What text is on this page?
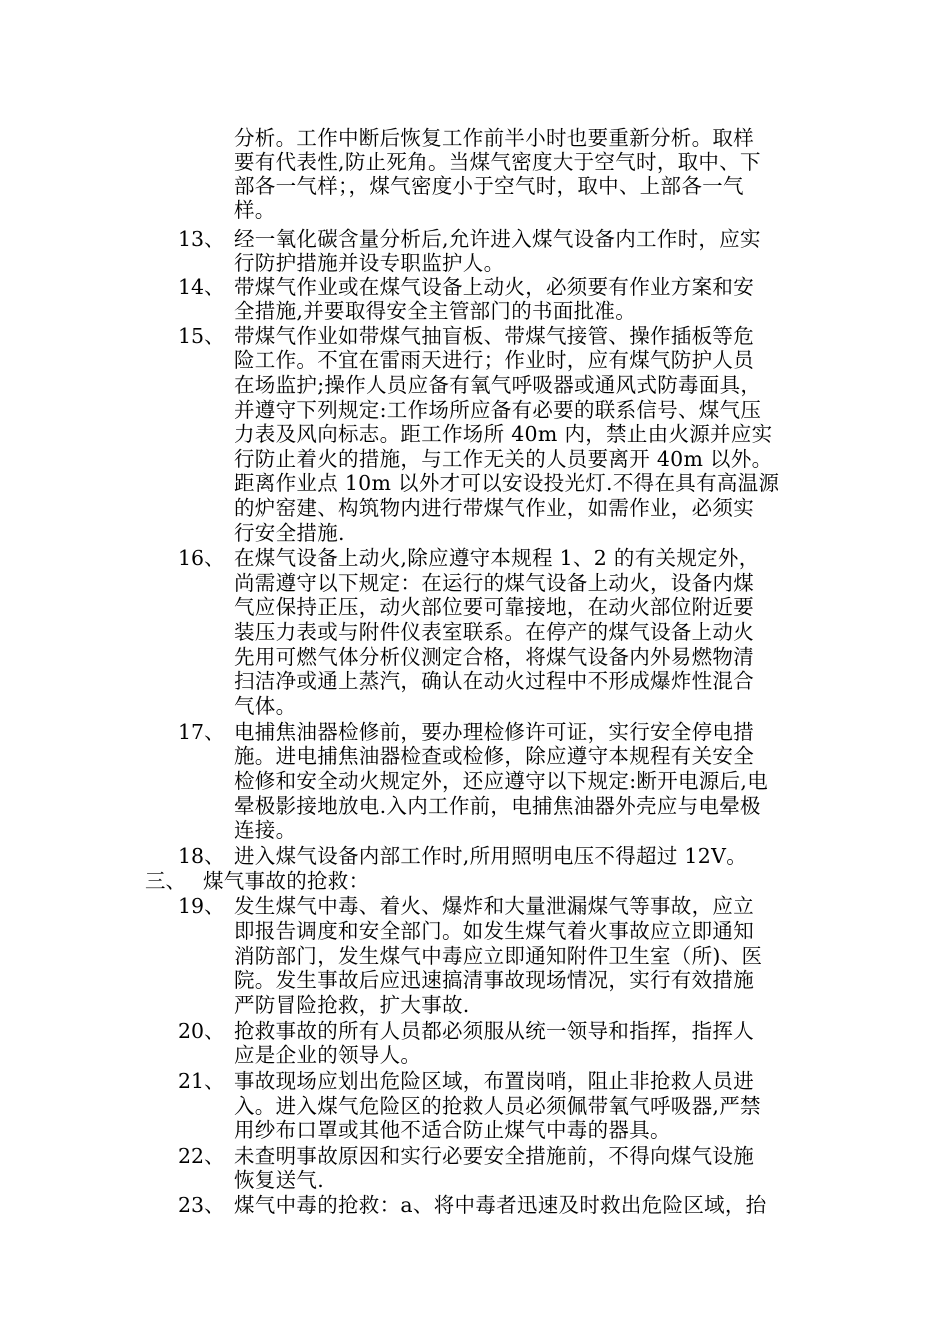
分析。工作中断后恢复工作前半小时也要重新分析。取样
要有代表性,防止死角。当煤气密度大于空气时，取中、下
部各一气样；，煤气密度小于空气时，取中、上部各一气
样。
13、 经一氧化碳含量分析后,允许进入煤气设备内工作时，应实
行防护措施并设专职监护人。
14、 带煤气作业或在煤气设备上动火，必须要有作业方案和安
全措施,并要取得安全主管部门的书面批准。
15、 带煤气作业如带煤气抽盲板、带煤气接管、操作插板等危
险工作。不宜在雷雨天进行；作业时，应有煤气防护人员
在场监护;操作人员应备有氧气呼吸器或通风式防毒面具，
并遵守下列规定:工作场所应备有必要的联系信号、煤气压
力表及风向标志。距工作场所 40m 内，禁止由火源并应实
行防止着火的措施，与工作无关的人员要离开 40m 以外。
距离作业点 10m 以外才可以安设投光灯.不得在具有高温源
的炉窑建、构筑物内进行带煤气作业，如需作业，必须实
行安全措施.
16、 在煤气设备上动火,除应遵守本规程 1、2 的有关规定外，
尚需遵守以下规定：在运行的煤气设备上动火，设备内煤
气应保持正压，动火部位要可靠接地，在动火部位附近要
装压力表或与附件仪表室联系。在停产的煤气设备上动火
先用可燃气体分析仪测定合格，将煤气设备内外易燃物清
扫洁净或通上蒸汽，确认在动火过程中不形成爆炸性混合
气体。
17、 电捕焦油器检修前，要办理检修许可证，实行安全停电措
施。进电捕焦油器检查或检修，除应遵守本规程有关安全
检修和安全动火规定外，还应遵守以下规定:断开电源后,电
晕极影接地放电.入内工作前，电捕焦油器外壳应与电晕极
连接。
18、 进入煤气设备内部工作时,所用照明电压不得超过 12V。
三、 煤气事故的抢救：
19、 发生煤气中毒、着火、爆炸和大量泄漏煤气等事故，应立
即报告调度和安全部门。如发生煤气着火事故应立即通知
消防部门，发生煤气中毒应立即通知附件卫生室（所)、医
院。发生事故后应迅速搞清事故现场情况，实行有效措施
严防冒险抢救，扩大事故.
20、 抢救事故的所有人员都必须服从统一领导和指挥，指挥人
应是企业的领导人。
21、 事故现场应划出危险区域，布置岗哨，阻止非抢救人员进
入。进入煤气危险区的抢救人员必须佩带氧气呼吸器,严禁
用纱布口罩或其他不适合防止煤气中毒的器具。
22、 未查明事故原因和实行必要安全措施前，不得向煤气设施
恢复送气.
23、 煤气中毒的抢救：a、将中毒者迅速及时救出危险区域，抬
